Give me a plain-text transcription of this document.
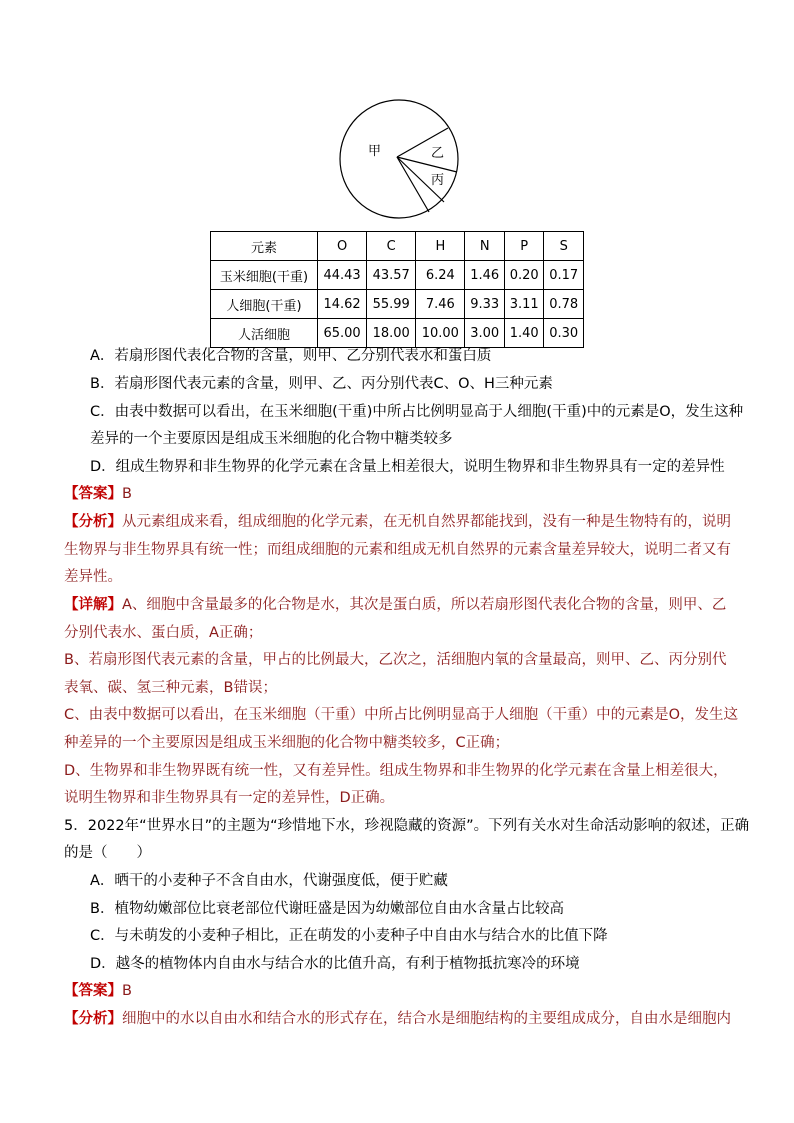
甲	乙
丙
元素	O	C	H	N	P	S
玉米细胞(干重)	44.43	43.57	6.24	1.46	0.20	0.17
人细胞(干重)	14.62	55.99	7.46	9.33	3.11	0.78
人活细胞	65.00	18.00	10.00	3.00	1.40	0.30
A．若扇形图代表化合物的含量，则甲、乙分别代表水和蛋白质
B．若扇形图代表元素的含量，则甲、乙、丙分别代表C、O、H三种元素
C．由表中数据可以看出，在玉米细胞(干重)中所占比例明显高于人细胞(干重)中的元素是O，发生这种
差异的一个主要原因是组成玉米细胞的化合物中糖类较多
D．组成生物界和非生物界的化学元素在含量上相差很大，说明生物界和非生物界具有一定的差异性
【答案】B
【分析】从元素组成来看，组成细胞的化学元素，在无机自然界都能找到，没有一种是生物特有的，说明
生物界与非生物界具有统一性；而组成细胞的元素和组成无机自然界的元素含量差异较大，说明二者又有
差异性。
【详解】A、细胞中含量最多的化合物是水，其次是蛋白质，所以若扇形图代表化合物的含量，则甲、乙
分别代表水、蛋白质，A正确；
B、若扇形图代表元素的含量，甲占的比例最大，乙次之，活细胞内氧的含量最高，则甲、乙、丙分别代
表氧、碳、氢三种元素，B错误；
C、由表中数据可以看出，在玉米细胞（干重）中所占比例明显高于人细胞（干重）中的元素是O，发生这
种差异的一个主要原因是组成玉米细胞的化合物中糖类较多，C正确；
D、生物界和非生物界既有统一性，又有差异性。组成生物界和非生物界的化学元素在含量上相差很大，
说明生物界和非生物界具有一定的差异性，D正确。
5．2022年“世界水日”的主题为“珍惜地下水，珍视隐藏的资源”。下列有关水对生命活动影响的叙述，正确
的是（　　）
A．晒干的小麦种子不含自由水，代谢强度低，便于贮藏
B．植物幼嫩部位比衰老部位代谢旺盛是因为幼嫩部位自由水含量占比较高
C．与未萌发的小麦种子相比，正在萌发的小麦种子中自由水与结合水的比值下降
D．越冬的植物体内自由水与结合水的比值升高，有利于植物抵抗寒冷的环境
【答案】B
【分析】细胞中的水以自由水和结合水的形式存在，结合水是细胞结构的主要组成成分，自由水是细胞内
